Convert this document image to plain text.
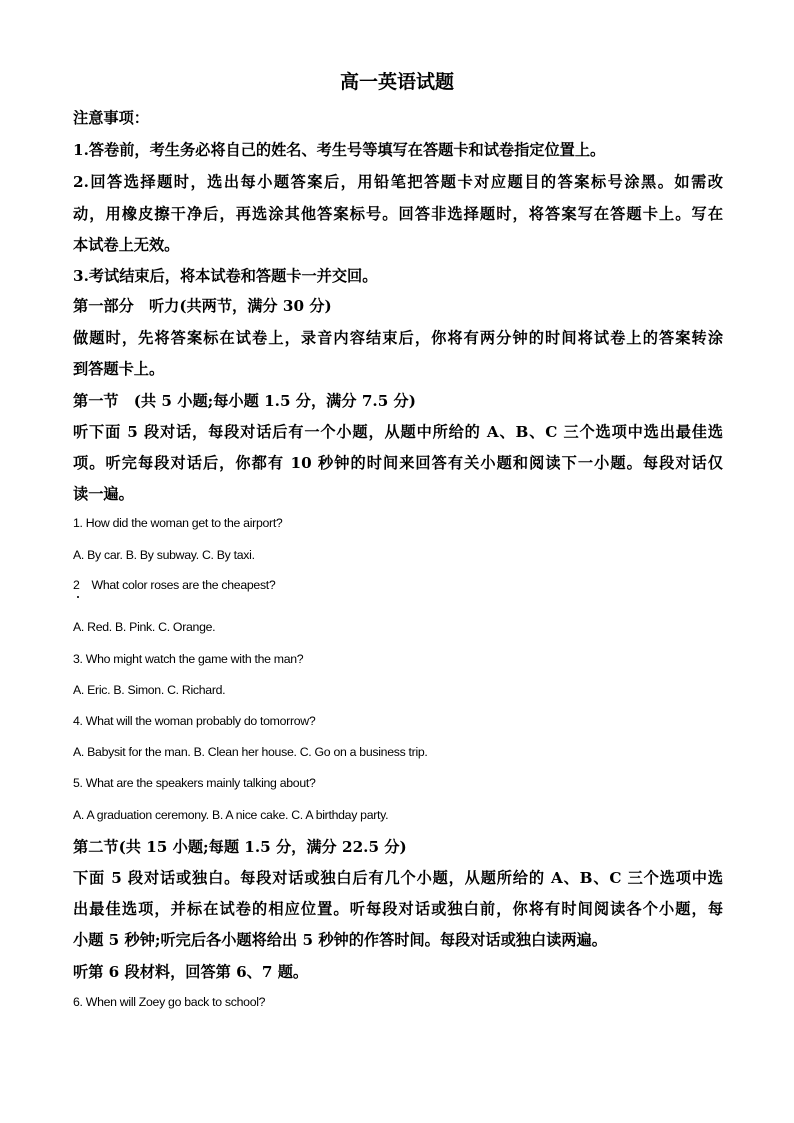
高一英语试题
注意事项：
1.答卷前，考生务必将自己的姓名、考生号等填写在答题卡和试卷指定位置上。
2.回答选择题时，选出每小题答案后，用铅笔把答题卡对应题目的答案标号涂黑。如需改
动，用橡皮擦干净后，再选涂其他答案标号。回答非选择题时，将答案写在答题卡上。写在
本试卷上无效。
3.考试结束后，将本试卷和答题卡一并交回。
第一部分　听力(共两节，满分 30 分)
做题时，先将答案标在试卷上，录音内容结束后，你将有两分钟的时间将试卷上的答案转涂
到答题卡上。
第一节　(共 5 小题;每小题 1.5 分，满分 7.5 分)
听下面 5 段对话，每段对话后有一个小题，从题中所给的 A、B、C 三个选项中选出最佳选
项。听完每段对话后，你都有 10 秒钟的时间来回答有关小题和阅读下一小题。每段对话仅
读一遍。
1. How did the woman get to the airport?
A. By car. B. By subway. C. By taxi.
2　What color roses are the cheapest?
A. Red. B. Pink. C. Orange.
3. Who might watch the game with the man?
A. Eric. B. Simon. C. Richard.
4. What will the woman probably do tomorrow?
A. Babysit for the man. B. Clean her house. C. Go on a business trip.
5. What are the speakers mainly talking about?
A. A graduation ceremony. B. A nice cake. C. A birthday party.
第二节(共 15 小题;每题 1.5 分，满分 22.5 分)
下面 5 段对话或独白。每段对话或独白后有几个小题，从题所给的 A、B、C 三个选项中选
出最佳选项，并标在试卷的相应位置。听每段对话或独白前，你将有时间阅读各个小题，每
小题 5 秒钟;听完后各小题将给出 5 秒钟的作答时间。每段对话或独白读两遍。
听第 6 段材料，回答第 6、7 题。
6. When will Zoey go back to school?
